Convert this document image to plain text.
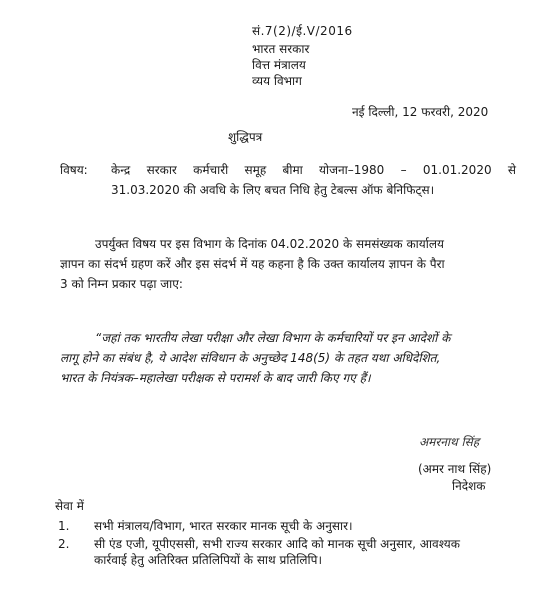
सं.7(2)/ई.V/2016
भारत सरकार
वित्त मंत्रालय
व्यय विभाग
नई दिल्ली, 12 फरवरी, 2020
शुद्धिपत्र
विषय: केन्द्र सरकार कर्मचारी समूह बीमा योजना–1980 – 01.01.2020 से
31.03.2020 की अवधि के लिए बचत निधि हेतु टेबल्स ऑफ बेनिफिट्स।
उपर्युक्त विषय पर इस विभाग के दिनांक 04.02.2020 के समसंख्यक कार्यालय
ज्ञापन का संदर्भ ग्रहण करें और इस संदर्भ में यह कहना है कि उक्त कार्यालय ज्ञापन के पैरा
3 को निम्न प्रकार पढ़ा जाए:
“जहां तक भारतीय लेखा परीक्षा और लेखा विभाग के कर्मचारियों पर इन आदेशों के
लागू होने का संबंध है, ये आदेश संविधान के अनुच्छेद 148(5) के तहत यथा अधिदेशित,
भारत के नियंत्रक–महालेखा परीक्षक से परामर्श के बाद जारी किए गए हैं।
अमरनाथ सिंह
(अमर नाथ सिंह)
निदेशक
सेवा में
1. सभी मंत्रालय/विभाग, भारत सरकार मानक सूची के अनुसार।
2. सी एंड एजी, यूपीएससी, सभी राज्य सरकार आदि को मानक सूची अनुसार, आवश्यक
कार्रवाई हेतु अतिरिक्त प्रतिलिपियों के साथ प्रतिलिपि।
